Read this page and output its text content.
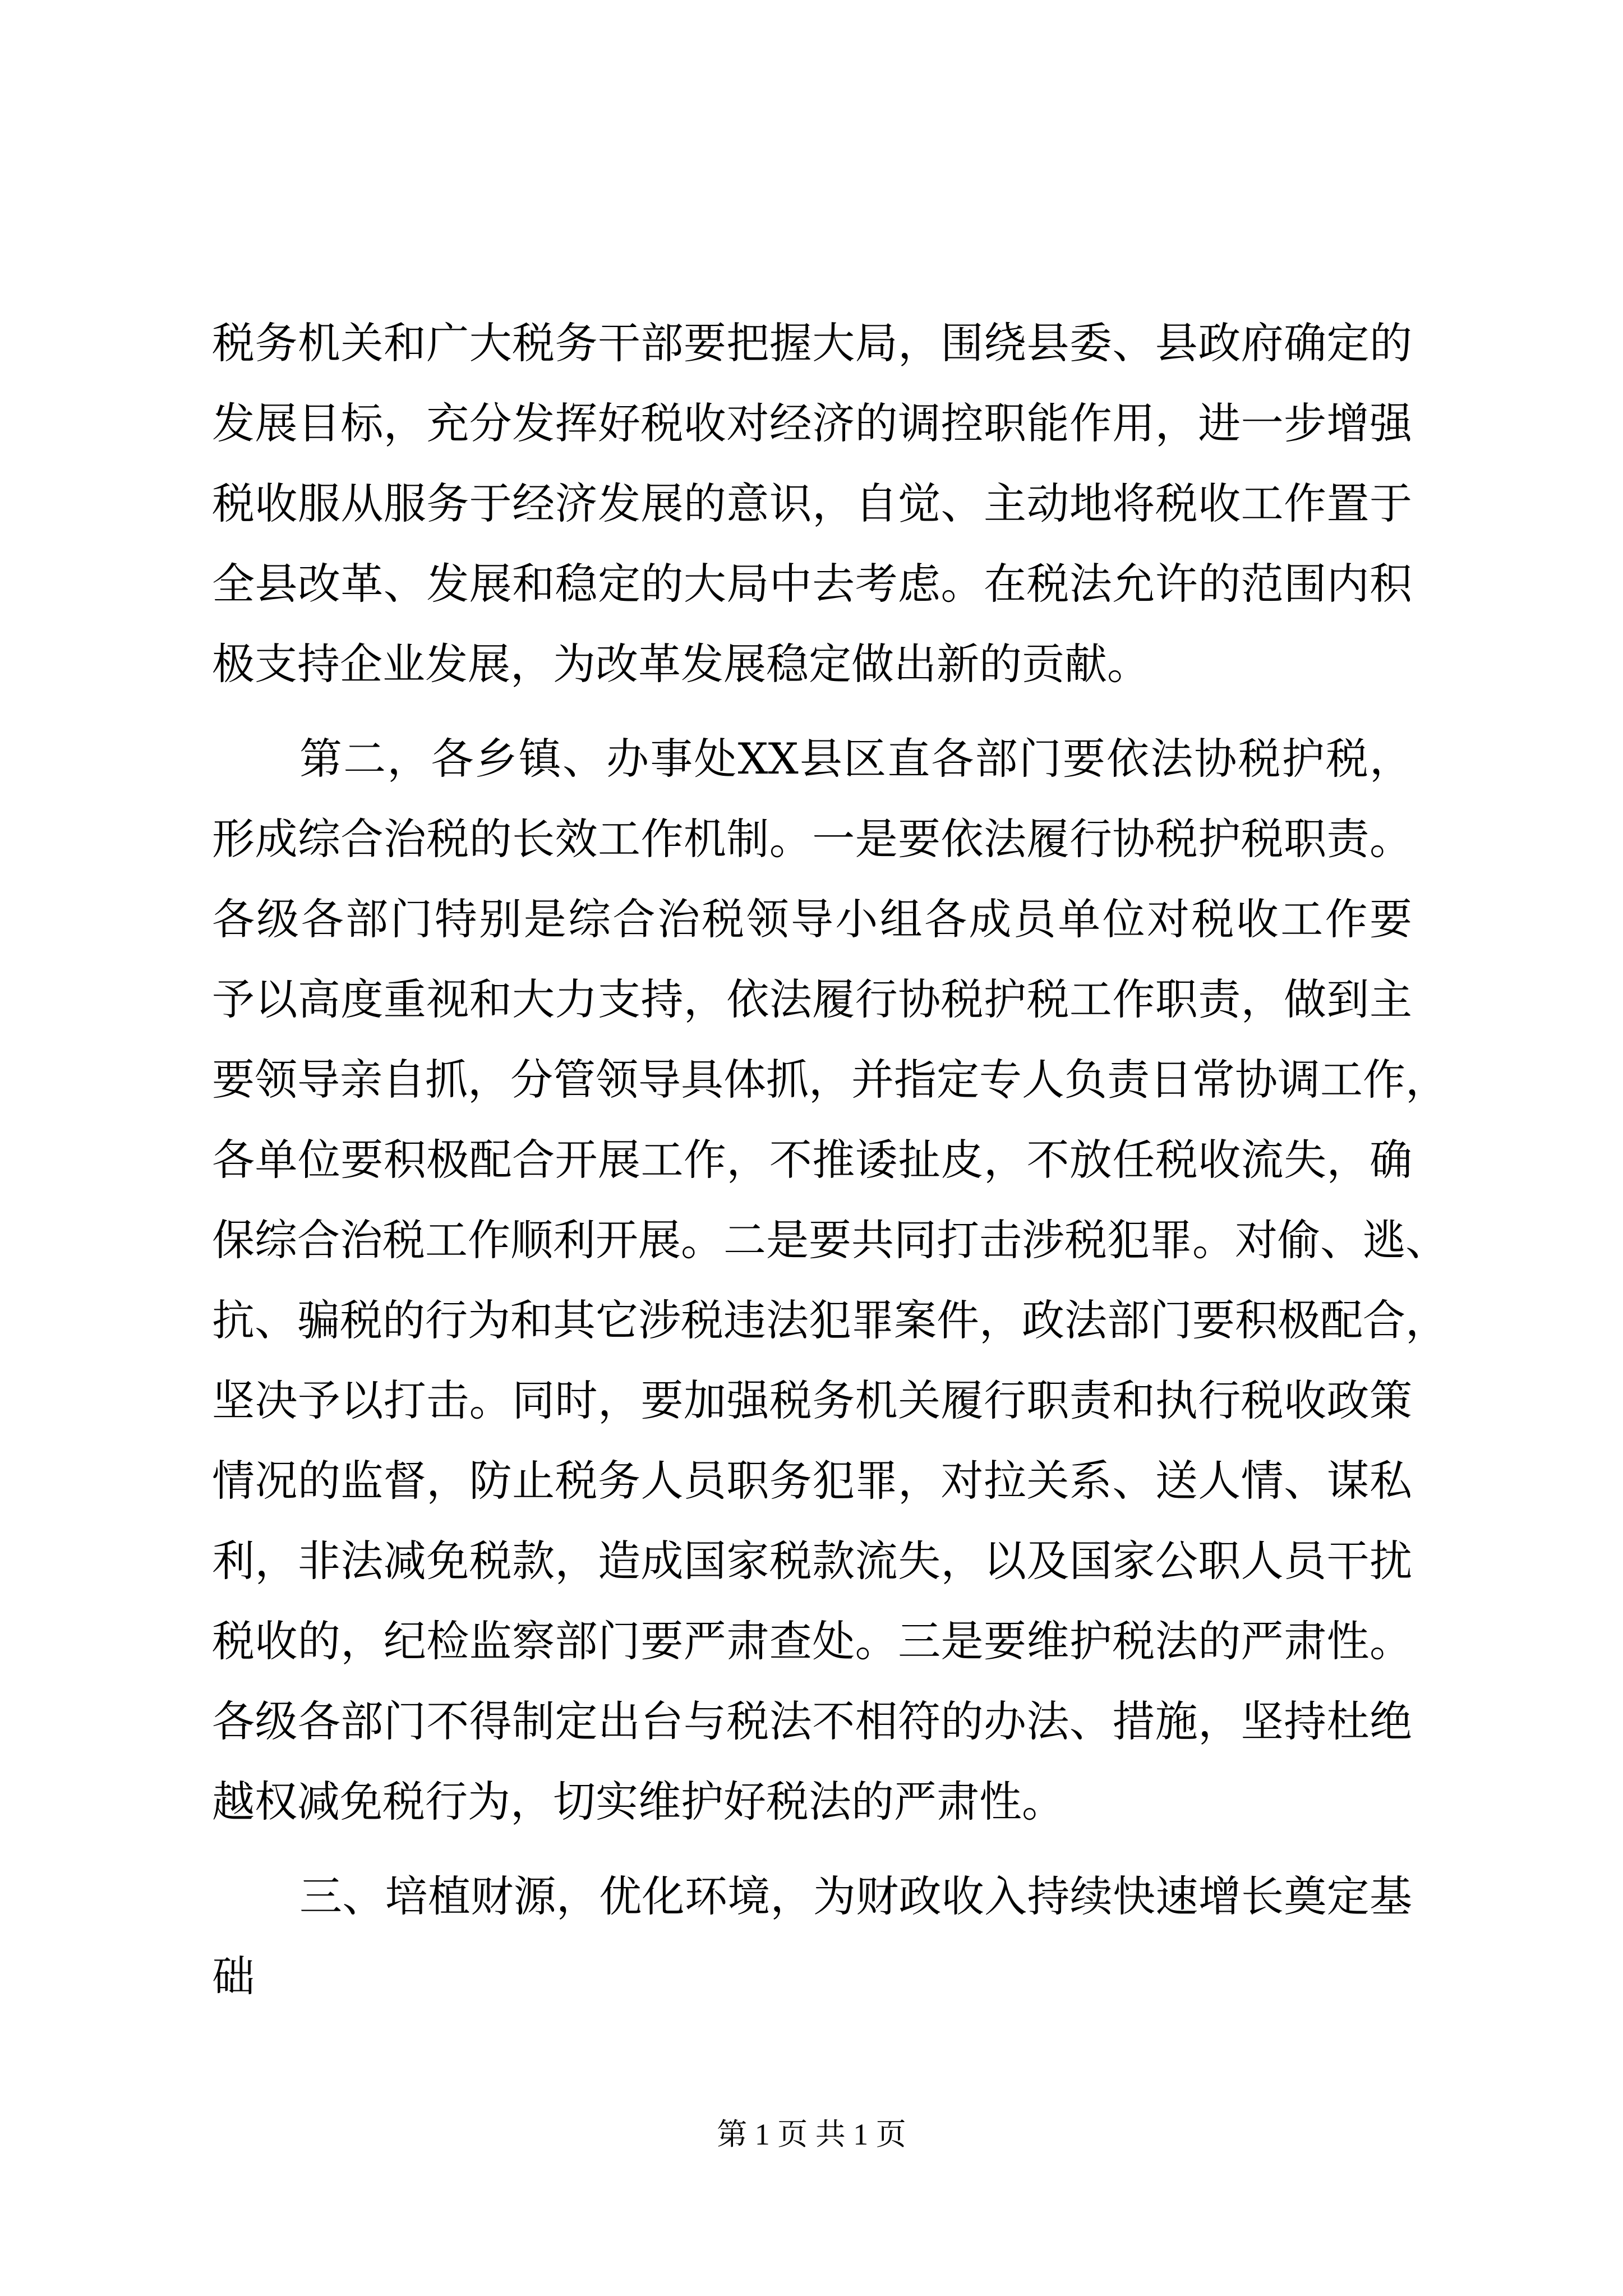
税务机关和广大税务干部要把握大局，围绕县委、县政府确定的
发展目标，充分发挥好税收对经济的调控职能作用，进一步增强
税收服从服务于经济发展的意识，自觉、主动地将税收工作置于
全县改革、发展和稳定的大局中去考虑。在税法允许的范围内积
极支持企业发展，为改革发展稳定做出新的贡献。
第二，各乡镇、办事处XX县区直各部门要依法协税护税，
形成综合治税的长效工作机制。一是要依法履行协税护税职责。
各级各部门特别是综合治税领导小组各成员单位对税收工作要
予以高度重视和大力支持，依法履行协税护税工作职责，做到主
要领导亲自抓，分管领导具体抓，并指定专人负责日常协调工作，
各单位要积极配合开展工作，不推诿扯皮，不放任税收流失，确
保综合治税工作顺利开展。二是要共同打击涉税犯罪。对偷、逃、
抗、骗税的行为和其它涉税违法犯罪案件，政法部门要积极配合，
坚决予以打击。同时，要加强税务机关履行职责和执行税收政策
情况的监督，防止税务人员职务犯罪，对拉关系、送人情、谋私
利，非法减免税款，造成国家税款流失，以及国家公职人员干扰
税收的，纪检监察部门要严肃查处。三是要维护税法的严肃性。
各级各部门不得制定出台与税法不相符的办法、措施，坚持杜绝
越权减免税行为，切实维护好税法的严肃性。
三、培植财源，优化环境，为财政收入持续快速增长奠定基
础
第 1 页 共 1 页
